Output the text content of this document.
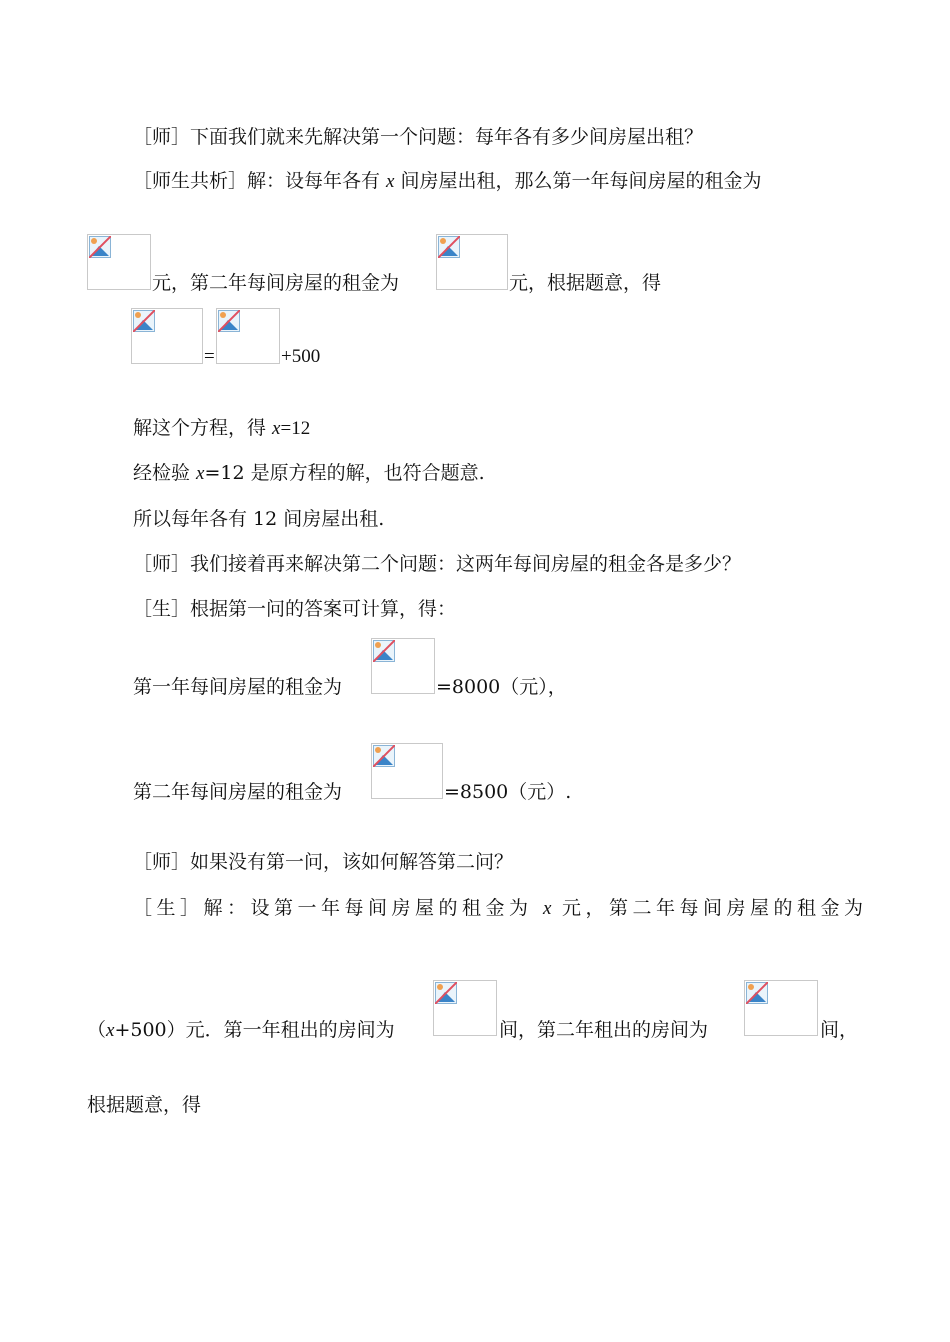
［师］下面我们就来先解决第一个问题：每年各有多少间房屋出租？
［师生共析］解：设每年各有 x 间房屋出租，那么第一年每间房屋的租金为
元，第二年每间房屋的租金为	元，根据题意，得
=	+500
解这个方程，得 x=12
经检验 x=12 是原方程的解，也符合题意.
所以每年各有 12 间房屋出租.
［师］我们接着再来解决第二个问题：这两年每间房屋的租金各是多少？
［生］根据第一问的答案可计算，得：
第一年每间房屋的租金为	=8000（元），
第二年每间房屋的租金为	=8500（元）.
［师］如果没有第一问，该如何解答第二问？
［生］解：设第一年每间房屋的租金为 x 元，第二年每间房屋的租金为
（x+500）元．第一年租出的房间为	间，第二年租出的房间为	间，
根据题意，得
